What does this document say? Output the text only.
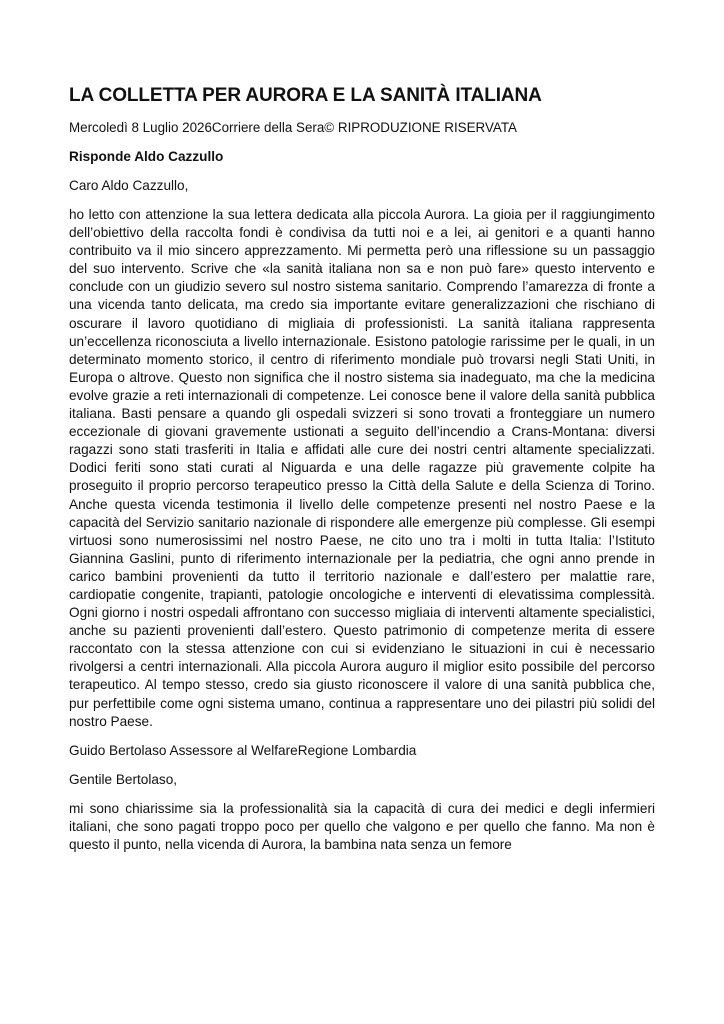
LA COLLETTA PER AURORA E LA SANITÀ ITALIANA

Mercoledì 8 Luglio 2026Corriere della Sera© RIPRODUZIONE RISERVATA

Risponde Aldo Cazzullo

Caro Aldo Cazzullo,

ho letto con attenzione la sua lettera dedicata alla piccola Aurora. La gioia per il raggiungimento dell’obiettivo della raccolta fondi è condivisa da tutti noi e a lei, ai genitori e a quanti hanno contribuito va il mio sincero apprezzamento. Mi permetta però una riflessione su un passaggio del suo intervento. Scrive che «la sanità italiana non sa e non può fare» questo intervento e conclude con un giudizio severo sul nostro sistema sanitario. Comprendo l’amarezza di fronte a una vicenda tanto delicata, ma credo sia importante evitare generalizzazioni che rischiano di oscurare il lavoro quotidiano di migliaia di professionisti. La sanità italiana rappresenta un’eccellenza riconosciuta a livello internazionale. Esistono patologie rarissime per le quali, in un determinato momento storico, il centro di riferimento mondiale può trovarsi negli Stati Uniti, in Europa o altrove. Questo non significa che il nostro sistema sia inadeguato, ma che la medicina evolve grazie a reti internazionali di competenze. Lei conosce bene il valore della sanità pubblica italiana. Basti pensare a quando gli ospedali svizzeri si sono trovati a fronteggiare un numero eccezionale di giovani gravemente ustionati a seguito dell’incendio a Crans-Montana: diversi ragazzi sono stati trasferiti in Italia e affidati alle cure dei nostri centri altamente specializzati. Dodici feriti sono stati curati al Niguarda e una delle ragazze più gravemente colpite ha proseguito il proprio percorso terapeutico presso la Città della Salute e della Scienza di Torino. Anche questa vicenda testimonia il livello delle competenze presenti nel nostro Paese e la capacità del Servizio sanitario nazionale di rispondere alle emergenze più complesse. Gli esempi virtuosi sono numerosissimi nel nostro Paese, ne cito uno tra i molti in tutta Italia: l’Istituto Giannina Gaslini, punto di riferimento internazionale per la pediatria, che ogni anno prende in carico bambini provenienti da tutto il territorio nazionale e dall’estero per malattie rare, cardiopatie congenite, trapianti, patologie oncologiche e interventi di elevatissima complessità. Ogni giorno i nostri ospedali affrontano con successo migliaia di interventi altamente specialistici, anche su pazienti provenienti dall’estero. Questo patrimonio di competenze merita di essere raccontato con la stessa attenzione con cui si evidenziano le situazioni in cui è necessario rivolgersi a centri internazionali. Alla piccola Aurora auguro il miglior esito possibile del percorso terapeutico. Al tempo stesso, credo sia giusto riconoscere il valore di una sanità pubblica che, pur perfettibile come ogni sistema umano, continua a rappresentare uno dei pilastri più solidi del nostro Paese.

Guido Bertolaso Assessore al WelfareRegione Lombardia

Gentile Bertolaso,

mi sono chiarissime sia la professionalità sia la capacità di cura dei medici e degli infermieri italiani, che sono pagati troppo poco per quello che valgono e per quello che fanno. Ma non è questo il punto, nella vicenda di Aurora, la bambina nata senza un femore
